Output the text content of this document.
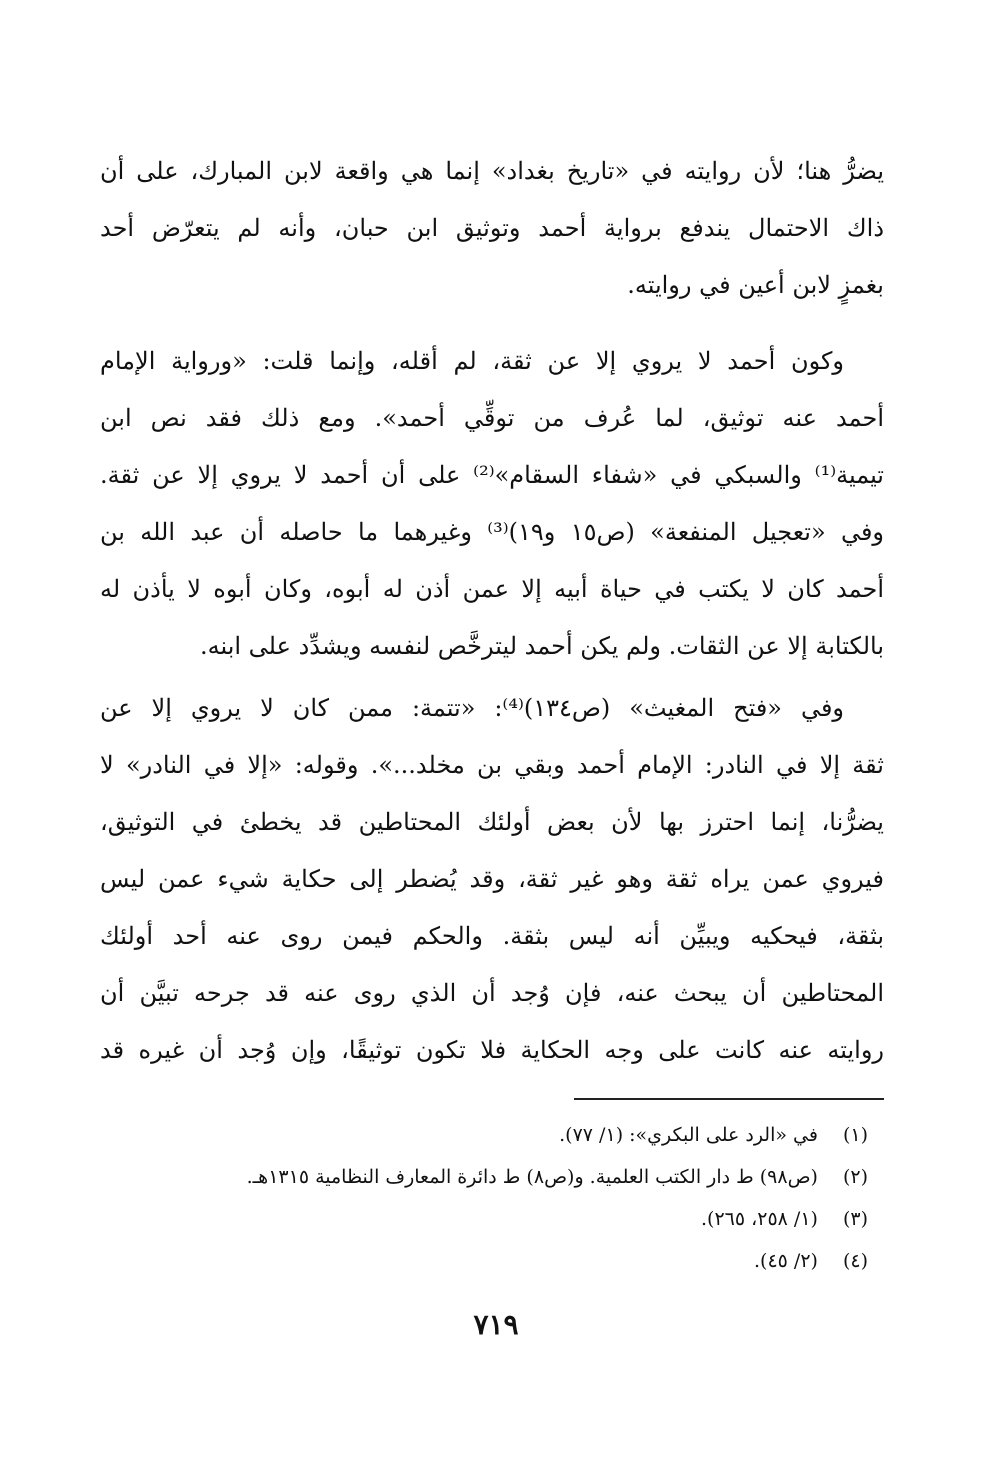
يضرُّ هنا؛ لأن روايته في «تاريخ بغداد» إنما هي واقعة لابن المبارك، على أن
ذاك الاحتمال يندفع برواية أحمد وتوثيق ابن حبان، وأنه لم يتعرّض أحد
بغمزٍ لابن أعين في روايته.
وكون أحمد لا يروي إلا عن ثقة، لم أقله، وإنما قلت: «ورواية الإمام
أحمد عنه توثيق، لما عُرف من توقِّي أحمد». ومع ذلك فقد نص ابن
تيمية⁽¹⁾ والسبكي في «شفاء السقام»⁽²⁾ على أن أحمد لا يروي إلا عن ثقة.
وفي «تعجيل المنفعة» (ص١٥ و١٩)⁽³⁾ وغيرهما ما حاصله أن عبد الله بن
أحمد كان لا يكتب في حياة أبيه إلا عمن أذن له أبوه، وكان أبوه لا يأذن له
بالكتابة إلا عن الثقات. ولم يكن أحمد ليترخَّص لنفسه ويشدِّد على ابنه.
وفي «فتح المغيث» (ص١٣٤)⁽⁴⁾: «تتمة: ممن كان لا يروي إلا عن
ثقة إلا في النادر: الإمام أحمد وبقي بن مخلد...». وقوله: «إلا في النادر» لا
يضرُّنا، إنما احترز بها لأن بعض أولئك المحتاطين قد يخطئ في التوثيق،
فيروي عمن يراه ثقة وهو غير ثقة، وقد يُضطر إلى حكاية شيء عمن ليس
بثقة، فيحكيه ويبيِّن أنه ليس بثقة. والحكم فيمن روى عنه أحد أولئك
المحتاطين أن يبحث عنه، فإن وُجد أن الذي روى عنه قد جرحه تبيَّن أن
روايته عنه كانت على وجه الحكاية فلا تكون توثيقًا، وإن وُجد أن غيره قد
(١) في «الرد على البكري»: (١/ ٧٧).
(٢) (ص٩٨) ط دار الكتب العلمية. و(ص٨) ط دائرة المعارف النظامية ١٣١٥هـ.
(٣) (١/ ٢٥٨، ٢٦٥).
(٤) (٢/ ٤٥).
٧١٩
